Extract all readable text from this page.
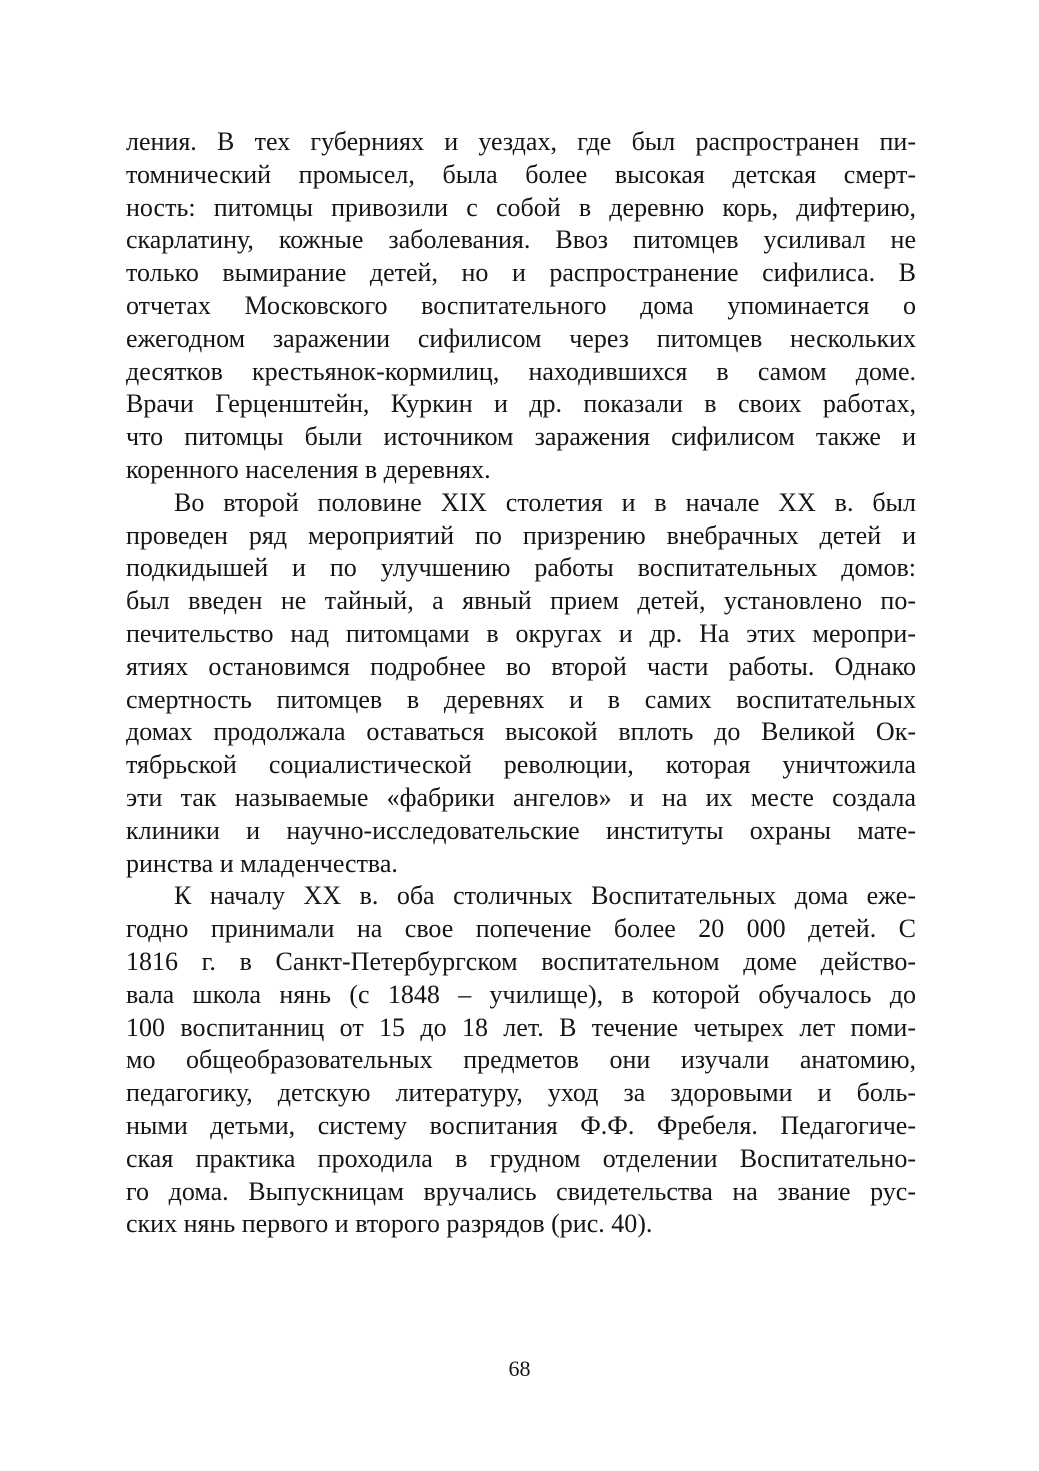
ления. В тех губерниях и уездах, где был распространен пи-
томнический промысел, была более высокая детская смерт-
ность: питомцы привозили с собой в деревню корь, дифтерию,
скарлатину, кожные заболевания. Ввоз питомцев усиливал не
только вымирание детей, но и распространение сифилиса. В
отчетах Московского воспитательного дома упоминается о
ежегодном заражении сифилисом через питомцев нескольких
десятков крестьянок-кормилиц, находившихся в самом доме.
Врачи Герценштейн, Куркин и др. показали в своих работах,
что питомцы были источником заражения сифилисом также и
коренного населения в деревнях.
Во второй половине XIX столетия и в начале XX в. был
проведен ряд мероприятий по призрению внебрачных детей и
подкидышей и по улучшению работы воспитательных домов:
был введен не тайный, а явный прием детей, установлено по-
печительство над питомцами в округах и др. На этих меропри-
ятиях остановимся подробнее во второй части работы. Однако
смертность питомцев в деревнях и в самих воспитательных
домах продолжала оставаться высокой вплоть до Великой Ок-
тябрьской социалистической революции, которая уничтожила
эти так называемые «фабрики ангелов» и на их месте создала
клиники и научно-исследовательские институты охраны мате-
ринства и младенчества.
К началу XX в. оба столичных Воспитательных дома еже-
годно принимали на свое попечение более 20 000 детей. С
1816 г. в Санкт-Петербургском воспитательном доме действо-
вала школа нянь (с 1848 – училище), в которой обучалось до
100 воспитанниц от 15 до 18 лет. В течение четырех лет поми-
мо общеобразовательных предметов они изучали анатомию,
педагогику, детскую литературу, уход за здоровыми и боль-
ными детьми, систему воспитания Ф.Ф. Фребеля. Педагогиче-
ская практика проходила в грудном отделении Воспитательно-
го дома. Выпускницам вручались свидетельства на звание рус-
ских нянь первого и второго разрядов (рис. 40).
68
